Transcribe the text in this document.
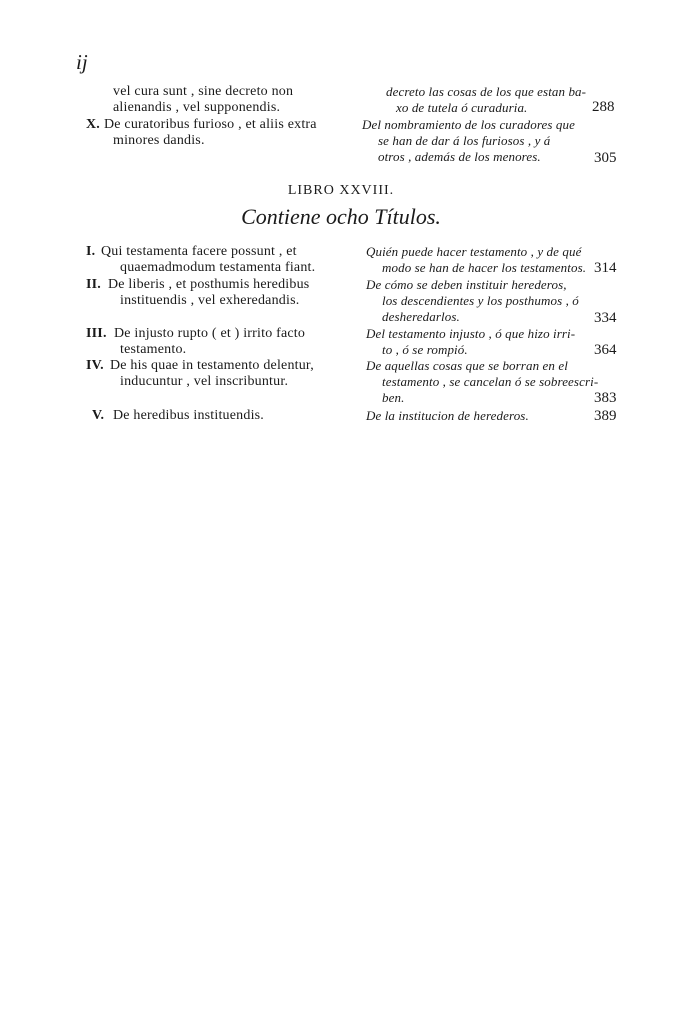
ij
vel cura sunt , sine decreto non
alienandis , vel supponendis.
X. De curatoribus furioso , et aliis extra
minores dandis.
decreto las cosas de los que estan ba-
xo de tutela ó curaduria.	288
Del nombramiento de los curadores que
se han de dar á los furiosos , y á
otros , además de los menores.	305
LIBRO XXVIII.
Contiene ocho Títulos.
I. Qui testamenta facere possunt , et
quaemadmodum testamenta fiant.
Quién puede hacer testamento , y de qué
modo se han de hacer los testamentos. 314
II. De liberis , et posthumis heredibus
instituendis , vel exheredandis.
De cómo se deben instituir herederos,
los descendientes y los posthumos , ó
desheredarlos.	334
III. De injusto rupto ( et ) irrito facto
testamento.
Del testamento injusto , ó que hizo irri-
to , ó se rompió.	364
IV. De his quae in testamento delentur,
inducuntur , vel inscribuntur.
De aquellas cosas que se borran en el
testamento , se cancelan ó se sobreescri-
ben.	383
V. De heredibus instituendis.	De la institucion de herederos.	389
